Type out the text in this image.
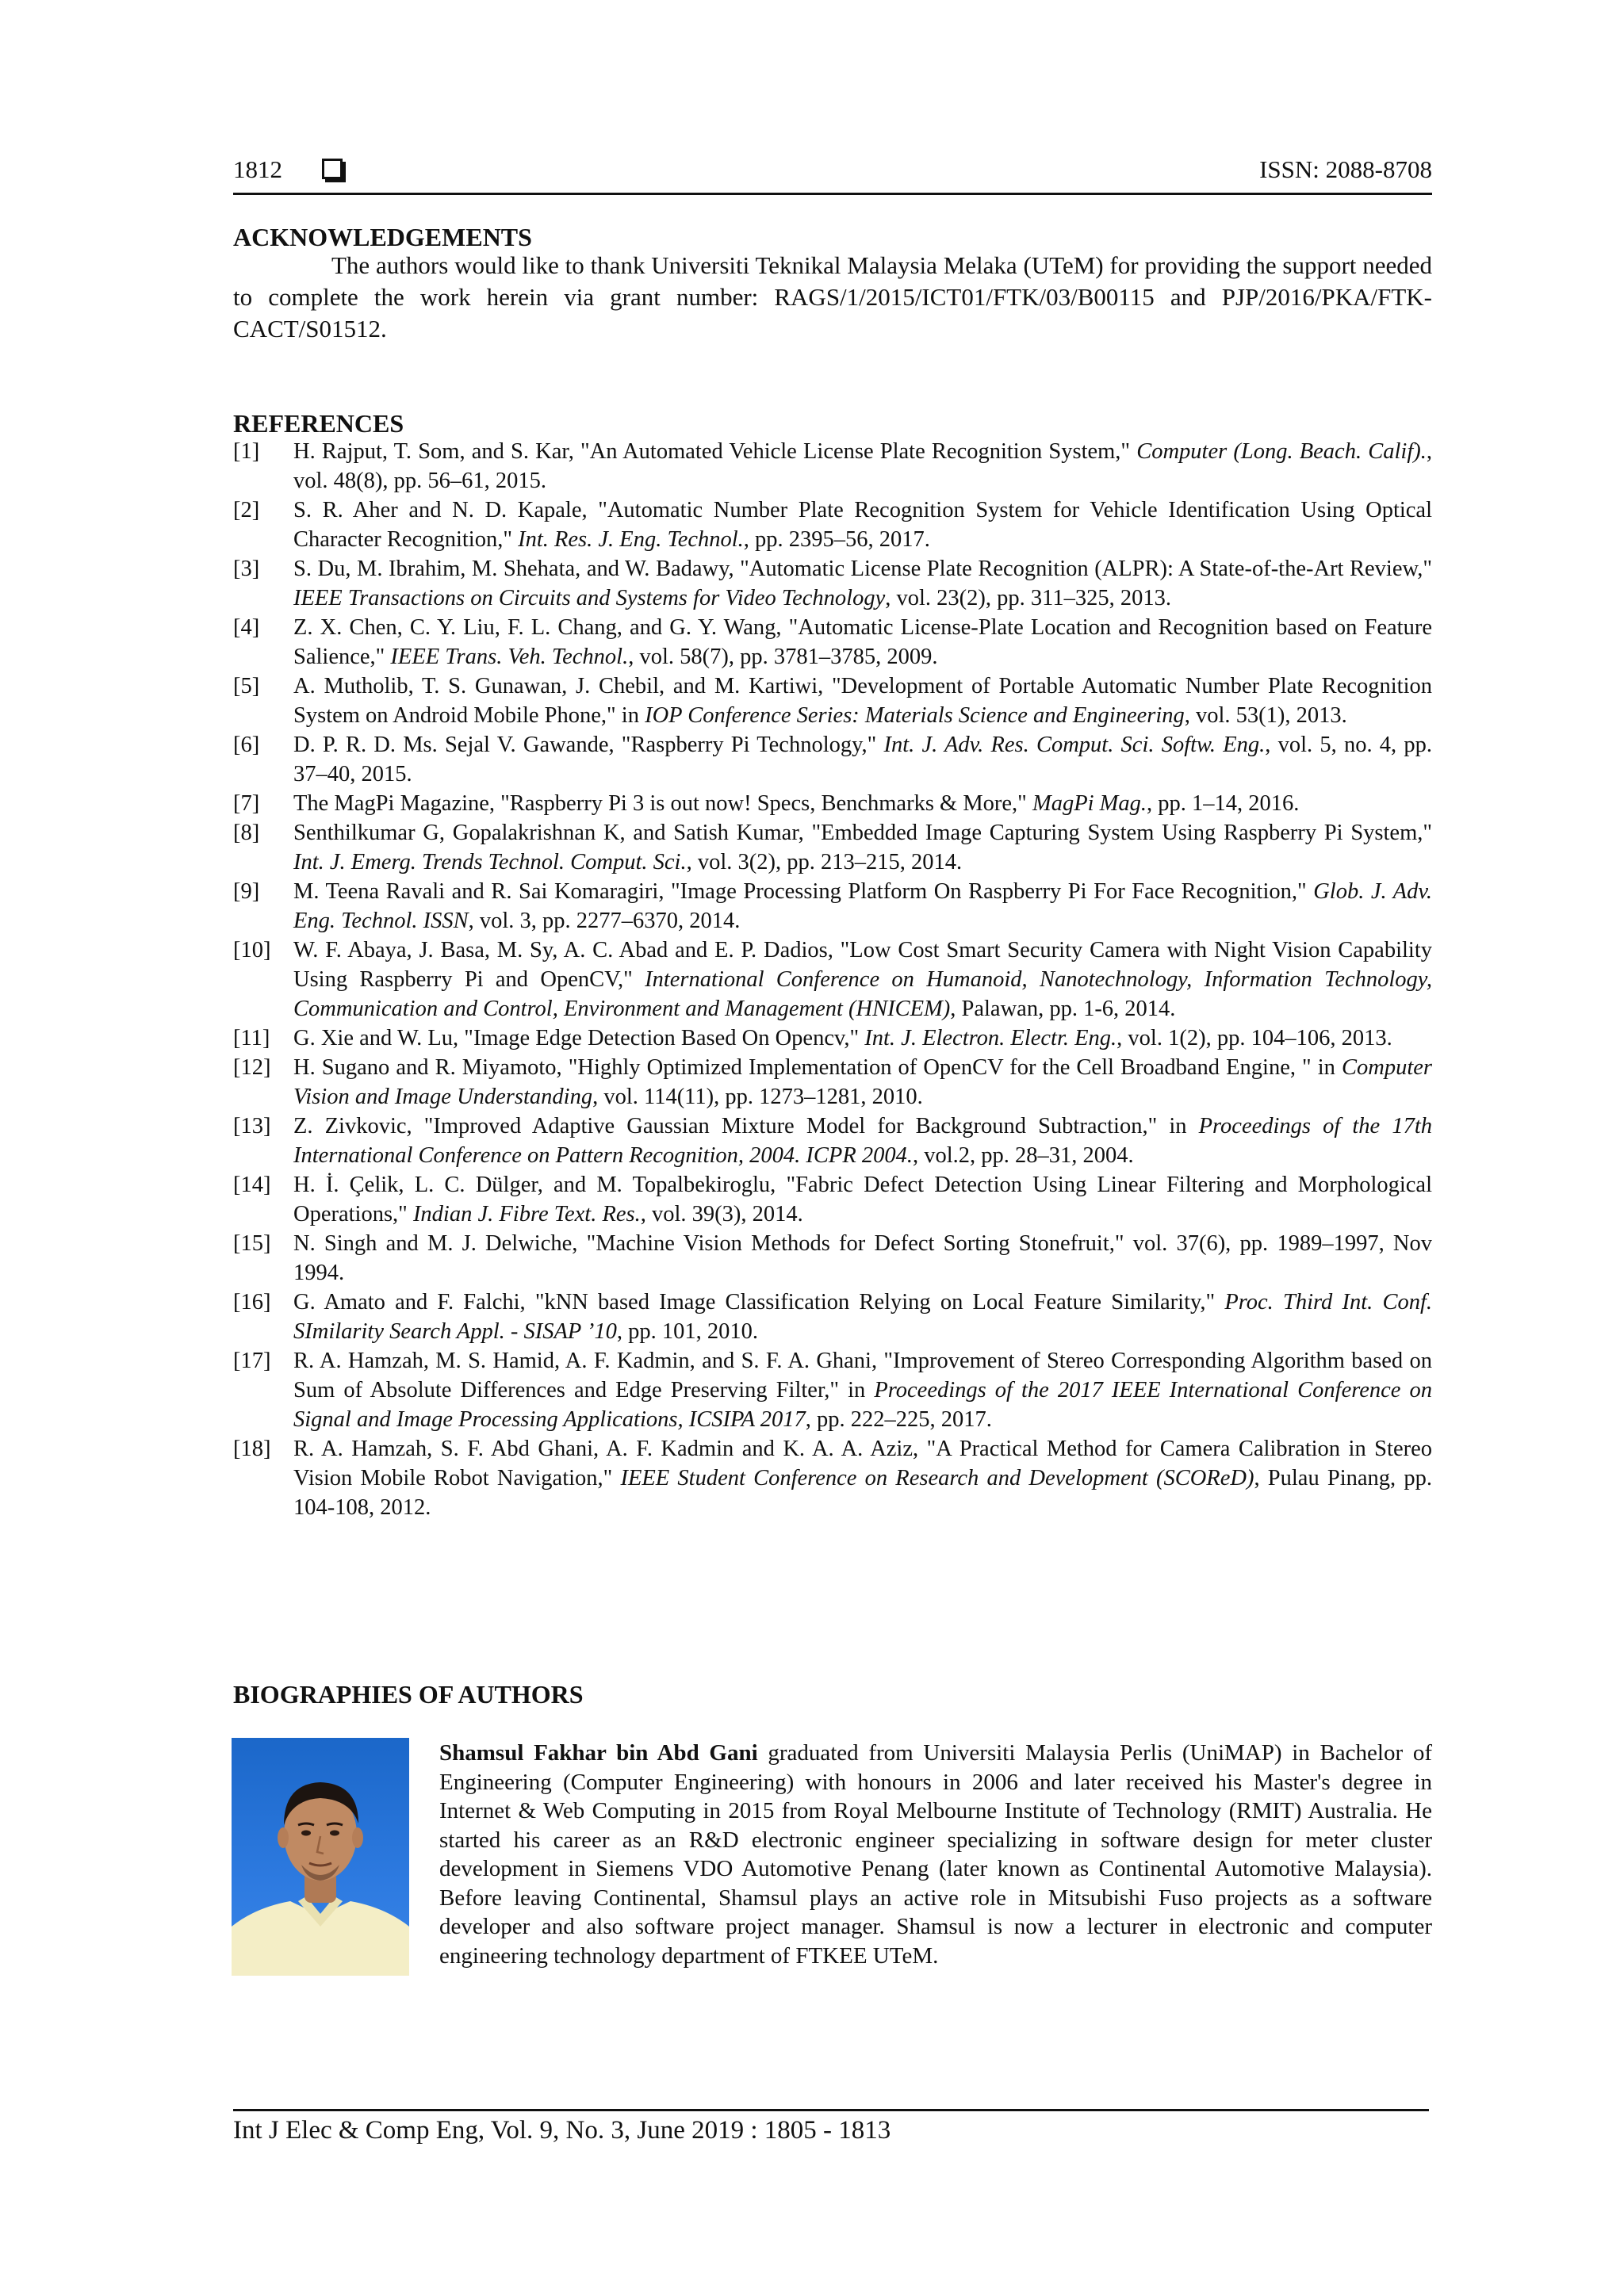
1812	ISSN: 2088-8708
ACKNOWLEDGEMENTS

The authors would like to thank Universiti Teknikal Malaysia Melaka (UTeM) for providing the support needed to complete the work herein via grant number: RAGS/1/2015/ICT01/FTK/03/B00115 and PJP/2016/PKA/FTK-CACT/S01512.

REFERENCES
[1]	H. Rajput, T. Som, and S. Kar, "An Automated Vehicle License Plate Recognition System," Computer (Long. Beach. Calif)., vol. 48(8), pp. 56–61, 2015.
[2]	S. R. Aher and N. D. Kapale, "Automatic Number Plate Recognition System for Vehicle Identification Using Optical Character Recognition," Int. Res. J. Eng. Technol., pp. 2395–56, 2017.
[3]	S. Du, M. Ibrahim, M. Shehata, and W. Badawy, "Automatic License Plate Recognition (ALPR): A State-of-the-Art Review," IEEE Transactions on Circuits and Systems for Video Technology, vol. 23(2), pp. 311–325, 2013.
[4]	Z. X. Chen, C. Y. Liu, F. L. Chang, and G. Y. Wang, "Automatic License-Plate Location and Recognition based on Feature Salience," IEEE Trans. Veh. Technol., vol. 58(7), pp. 3781–3785, 2009.
[5]	A. Mutholib, T. S. Gunawan, J. Chebil, and M. Kartiwi, "Development of Portable Automatic Number Plate Recognition System on Android Mobile Phone," in IOP Conference Series: Materials Science and Engineering, vol. 53(1), 2013.
[6]	D. P. R. D. Ms. Sejal V. Gawande, "Raspberry Pi Technology," Int. J. Adv. Res. Comput. Sci. Softw. Eng., vol. 5, no. 4, pp. 37–40, 2015.
[7]	The MagPi Magazine, "Raspberry Pi 3 is out now! Specs, Benchmarks & More," MagPi Mag., pp. 1–14, 2016.
[8]	Senthilkumar G, Gopalakrishnan K, and Satish Kumar, "Embedded Image Capturing System Using Raspberry Pi System," Int. J. Emerg. Trends Technol. Comput. Sci., vol. 3(2), pp. 213–215, 2014.
[9]	M. Teena Ravali and R. Sai Komaragiri, "Image Processing Platform On Raspberry Pi For Face Recognition," Glob. J. Adv. Eng. Technol. ISSN, vol. 3, pp. 2277–6370, 2014.
[10]	W. F. Abaya, J. Basa, M. Sy, A. C. Abad and E. P. Dadios, "Low Cost Smart Security Camera with Night Vision Capability Using Raspberry Pi and OpenCV," International Conference on Humanoid, Nanotechnology, Information Technology, Communication and Control, Environment and Management (HNICEM), Palawan, pp. 1-6, 2014.
[11]	G. Xie and W. Lu, "Image Edge Detection Based On Opencv," Int. J. Electron. Electr. Eng., vol. 1(2), pp. 104–106, 2013.
[12]	H. Sugano and R. Miyamoto, "Highly Optimized Implementation of OpenCV for the Cell Broadband Engine, " in Computer Vision and Image Understanding, vol. 114(11), pp. 1273–1281, 2010.
[13]	Z. Zivkovic, "Improved Adaptive Gaussian Mixture Model for Background Subtraction," in Proceedings of the 17th International Conference on Pattern Recognition, 2004. ICPR 2004., vol.2, pp. 28–31, 2004.
[14]	H. İ. Çelik, L. C. Dülger, and M. Topalbekiroglu, "Fabric Defect Detection Using Linear Filtering and Morphological Operations," Indian J. Fibre Text. Res., vol. 39(3), 2014.
[15]	N. Singh and M. J. Delwiche, "Machine Vision Methods for Defect Sorting Stonefruit," vol. 37(6), pp. 1989–1997, Nov 1994.
[16]	G. Amato and F. Falchi, "kNN based Image Classification Relying on Local Feature Similarity," Proc. Third Int. Conf. SImilarity Search Appl. - SISAP ’10, pp. 101, 2010.
[17]	R. A. Hamzah, M. S. Hamid, A. F. Kadmin, and S. F. A. Ghani, "Improvement of Stereo Corresponding Algorithm based on Sum of Absolute Differences and Edge Preserving Filter," in Proceedings of the 2017 IEEE International Conference on Signal and Image Processing Applications, ICSIPA 2017, pp. 222–225, 2017.
[18]	R. A. Hamzah, S. F. Abd Ghani, A. F. Kadmin and K. A. A. Aziz, "A Practical Method for Camera Calibration in Stereo Vision Mobile Robot Navigation," IEEE Student Conference on Research and Development (SCOReD), Pulau Pinang, pp. 104-108, 2012.
BIOGRAPHIES OF AUTHORS

Shamsul Fakhar bin Abd Gani graduated from Universiti Malaysia Perlis (UniMAP) in Bachelor of Engineering (Computer Engineering) with honours in 2006 and later received his Master's degree in Internet & Web Computing in 2015 from Royal Melbourne Institute of Technology (RMIT) Australia. He started his career as an R&D electronic engineer specializing in software design for meter cluster development in Siemens VDO Automotive Penang (later known as Continental Automotive Malaysia). Before leaving Continental, Shamsul plays an active role in Mitsubishi Fuso projects as a software developer and also software project manager. Shamsul is now a lecturer in electronic and computer engineering technology department of FTKEE UTeM.

Int J Elec & Comp Eng, Vol. 9, No. 3, June 2019 : 1805 - 1813
